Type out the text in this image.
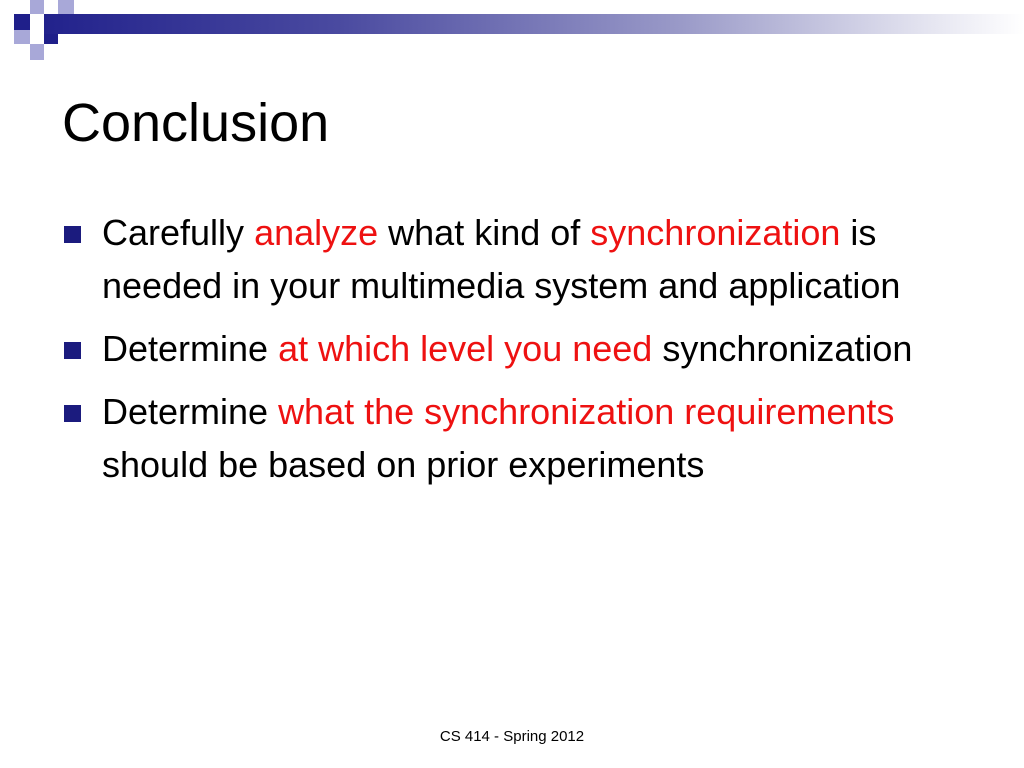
Conclusion
Carefully analyze what kind of synchronization is needed in your multimedia system and application
Determine at which level you need synchronization
Determine what the synchronization requirements should be based on prior experiments
CS 414 - Spring 2012
